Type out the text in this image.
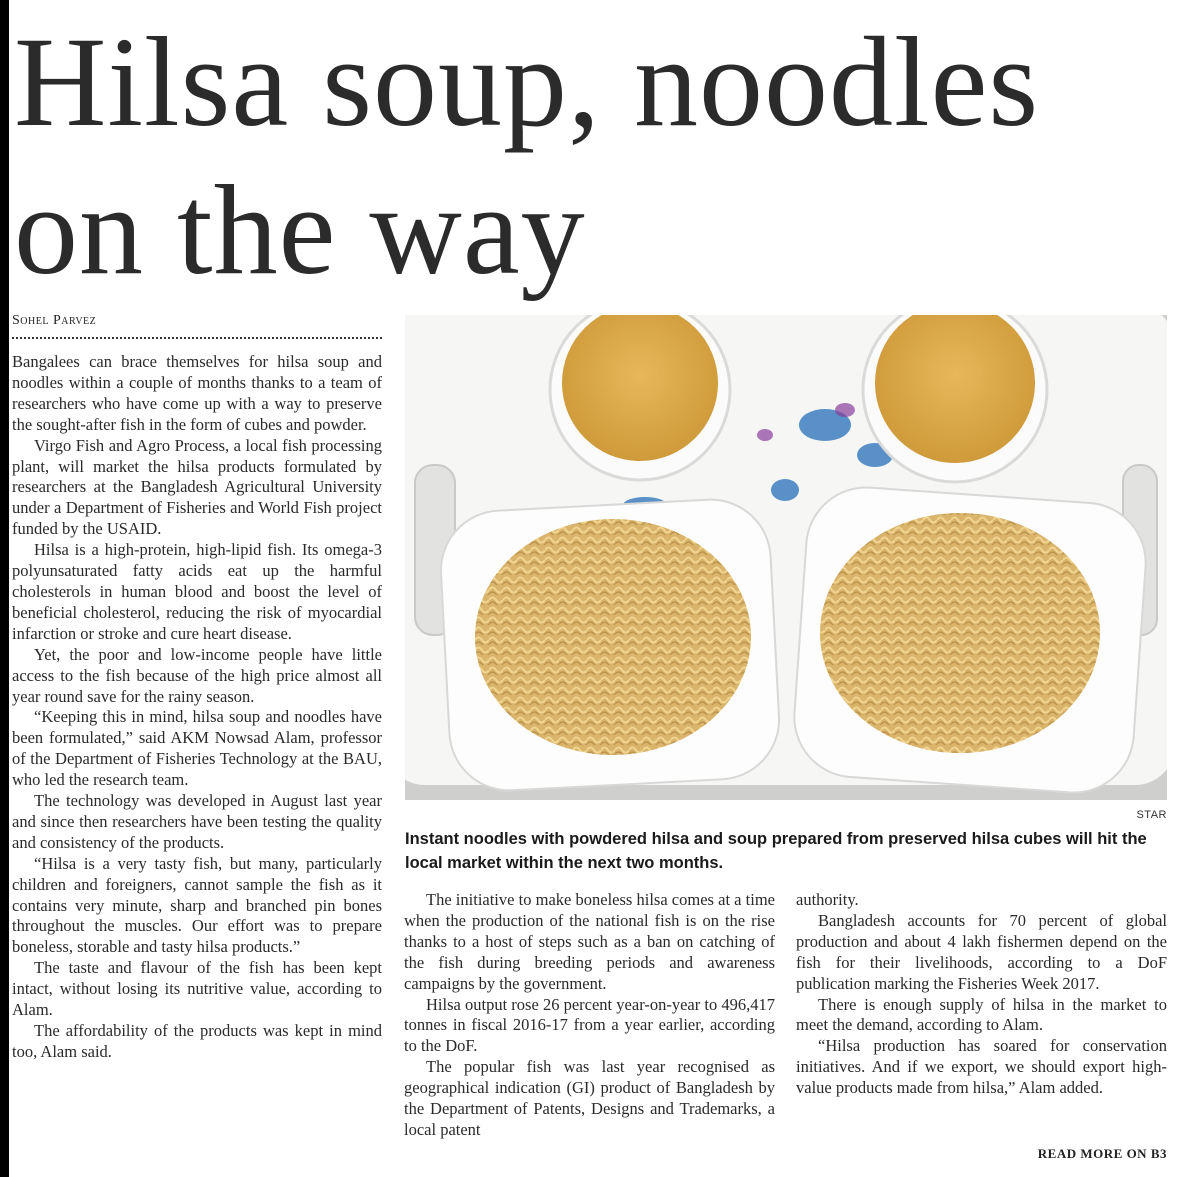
Hilsa soup, noodles
on the way
Sohel Parvez

Bangalees can brace themselves for hilsa soup and noodles within a couple of months thanks to a team of researchers who have come up with a way to preserve the sought-after fish in the form of cubes and powder.

Virgo Fish and Agro Process, a local fish processing plant, will market the hilsa products formulated by researchers at the Bangladesh Agricultural University under a Department of Fisheries and World Fish project funded by the USAID.

Hilsa is a high-protein, high-lipid fish. Its omega-3 polyunsaturated fatty acids eat up the harmful cholesterols in human blood and boost the level of beneficial cholesterol, reducing the risk of myocardial infarction or stroke and cure heart disease.

Yet, the poor and low-income people have little access to the fish because of the high price almost all year round save for the rainy season.

“Keeping this in mind, hilsa soup and noodles have been formulated,” said AKM Nowsad Alam, professor of the Department of Fisheries Technology at the BAU, who led the research team.

The technology was developed in August last year and since then researchers have been testing the quality and consistency of the products.

“Hilsa is a very tasty fish, but many, particularly children and foreigners, cannot sample the fish as it contains very minute, sharp and branched pin bones throughout the muscles. Our effort was to prepare boneless, storable and tasty hilsa products.”

The taste and flavour of the fish has been kept intact, without losing its nutritive value, according to Alam.

The affordability of the products was kept in mind too, Alam said.

STAR
Instant noodles with powdered hilsa and soup prepared from preserved hilsa cubes will hit the local market within the next two months.

The initiative to make boneless hilsa comes at a time when the production of the national fish is on the rise thanks to a host of steps such as a ban on catching of the fish during breeding periods and awareness campaigns by the government.

Hilsa output rose 26 percent year-on-year to 496,417 tonnes in fiscal 2016-17 from a year earlier, according to the DoF.

The popular fish was last year recognised as geographical indication (GI) product of Bangladesh by the Department of Patents, Designs and Trademarks, a local patent

authority.

Bangladesh accounts for 70 percent of global production and about 4 lakh fishermen depend on the fish for their livelihoods, according to a DoF publication marking the Fisheries Week 2017.

There is enough supply of hilsa in the market to meet the demand, according to Alam.

“Hilsa production has soared for conservation initiatives. And if we export, we should export high-value products made from hilsa,” Alam added.

READ MORE ON B3
